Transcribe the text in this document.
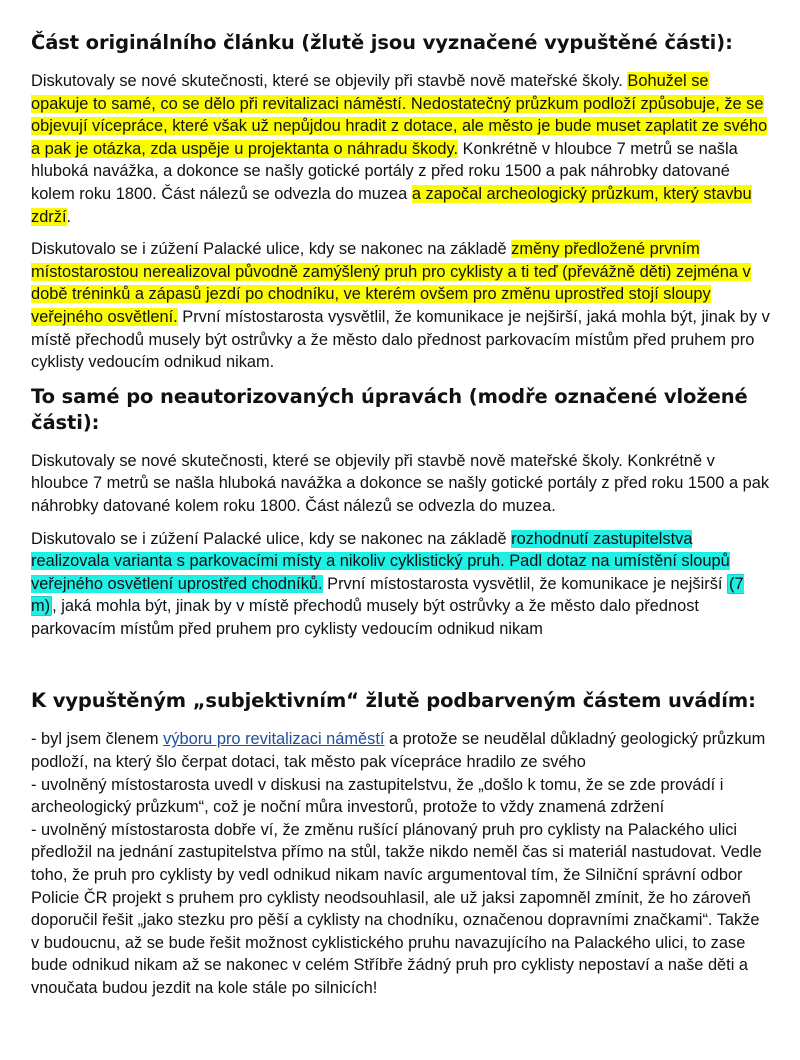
Část originálního článku (žlutě jsou vyznačené vypuštěné části):

Diskutovaly se nové skutečnosti, které se objevily při stavbě nově mateřské školy. Bohužel se opakuje to samé, co se dělo při revitalizaci náměstí. Nedostatečný průzkum podloží způsobuje, že se objevují vícepráce, které však už nepůjdou hradit z dotace, ale město je bude muset zaplatit ze svého a pak je otázka, zda uspěje u projektanta o náhradu škody. Konkrétně v hloubce 7 metrů se našla hluboká navážka, a dokonce se našly gotické portály z před roku 1500 a pak náhrobky datované kolem roku 1800. Část nálezů se odvezla do muzea a započal archeologický průzkum, který stavbu zdrží.

Diskutovalo se i zúžení Palacké ulice, kdy se nakonec na základě změny předložené prvním místostarostou nerealizoval původně zamýšlený pruh pro cyklisty a ti teď (převážně děti) zejména v době tréninků a zápasů jezdí po chodníku, ve kterém ovšem pro změnu uprostřed stojí sloupy veřejného osvětlení. První místostarosta vysvětlil, že komunikace je nejširší, jaká mohla být, jinak by v místě přechodů musely být ostrůvky a že město dalo přednost parkovacím místům před pruhem pro cyklisty vedoucím odnikud nikam.

To samé po neautorizovaných úpravách (modře označené vložené části):

Diskutovaly se nové skutečnosti, které se objevily při stavbě nově mateřské školy. Konkrétně v hloubce 7 metrů se našla hluboká navážka a dokonce se našly gotické portály z před roku 1500 a pak náhrobky datované kolem roku 1800. Část nálezů se odvezla do muzea.

Diskutovalo se i zúžení Palacké ulice, kdy se nakonec na základě rozhodnutí zastupitelstva realizovala varianta s parkovacími místy a nikoliv cyklistický pruh. Padl dotaz na umístění sloupů veřejného osvětlení uprostřed chodníků. První místostarosta vysvětlil, že komunikace je nejširší (7 m) , jaká mohla být, jinak by v místě přechodů musely být ostrůvky a že město dalo přednost parkovacím místům před pruhem pro cyklisty vedoucím odnikud nikam

K vypuštěným „subjektivním“ žlutě podbarveným částem uvádím:

- byl jsem členem výboru pro revitalizaci náměstí a protože se neudělal důkladný geologický průzkum podloží, na který šlo čerpat dotaci, tak město pak vícepráce hradilo ze svého

- uvolněný místostarosta uvedl v diskusi na zastupitelstvu, že „došlo k tomu, že se zde provádí i archeologický průzkum“, což je noční můra investorů, protože to vždy znamená zdržení

- uvolněný místostarosta dobře ví, že změnu rušící plánovaný pruh pro cyklisty na Palackého ulici předložil na jednání zastupitelstva přímo na stůl, takže nikdo neměl čas si materiál nastudovat. Vedle toho, že pruh pro cyklisty by vedl odnikud nikam navíc argumentoval tím, že Silniční správní odbor Policie ČR projekt s pruhem pro cyklisty neodsouhlasil, ale už jaksi zapomněl zmínit, že ho zároveň doporučil řešit „jako stezku pro pěší a cyklisty na chodníku, označenou dopravními značkami“. Takže v budoucnu, až se bude řešit možnost cyklistického pruhu navazujícího na Palackého ulici, to zase bude odnikud nikam až se nakonec v celém Stříbře žádný pruh pro cyklisty nepostaví a naše děti a vnoučata budou jezdit na kole stále po silnicích!
